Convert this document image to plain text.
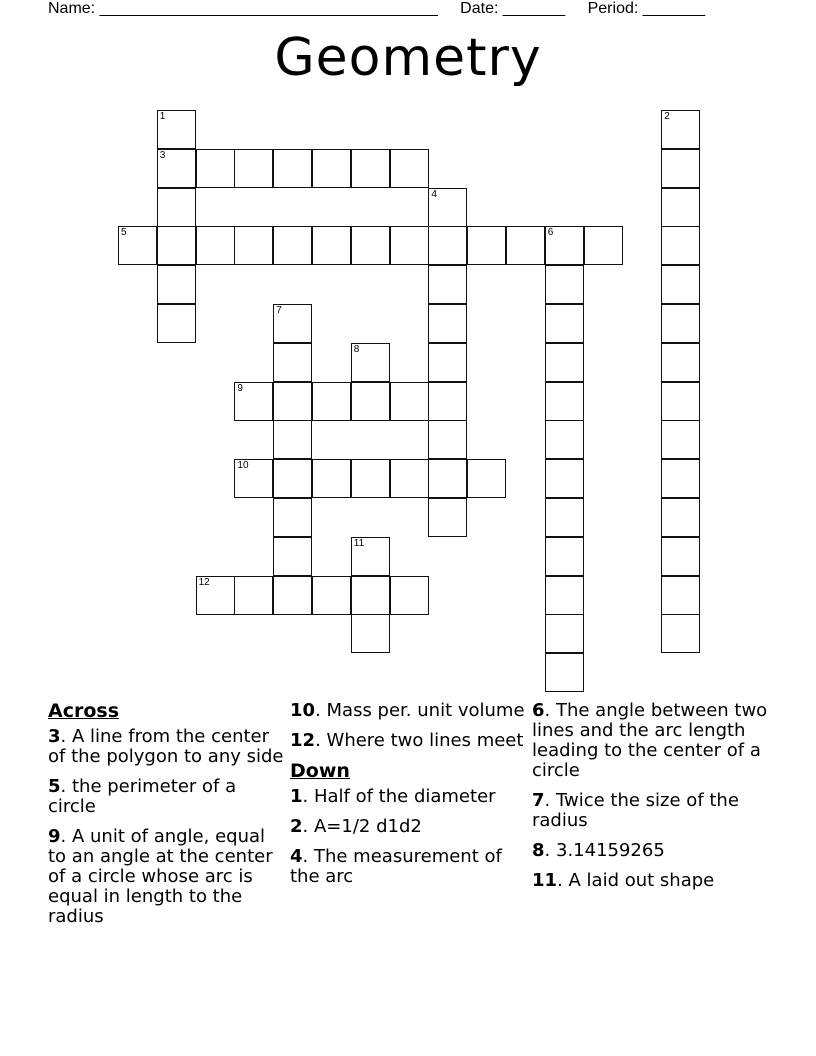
Name: ______________________________________ Date: _______ Period: _______
Geometry
1
3
4
5	6
2
7
8
9
10
11
12
Across
3. A line from the center of the polygon to any side
5. the perimeter of a circle
9. A unit of angle, equal to an angle at the center of a circle whose arc is equal in length to the radius
10. Mass per. unit volume
12. Where two lines meet
Down
1. Half of the diameter
2. A=1/2 d1d2
4. The measurement of the arc
6. The angle between two lines and the arc length leading to the center of a circle
7. Twice the size of the radius
8. 3.14159265
11. A laid out shape
